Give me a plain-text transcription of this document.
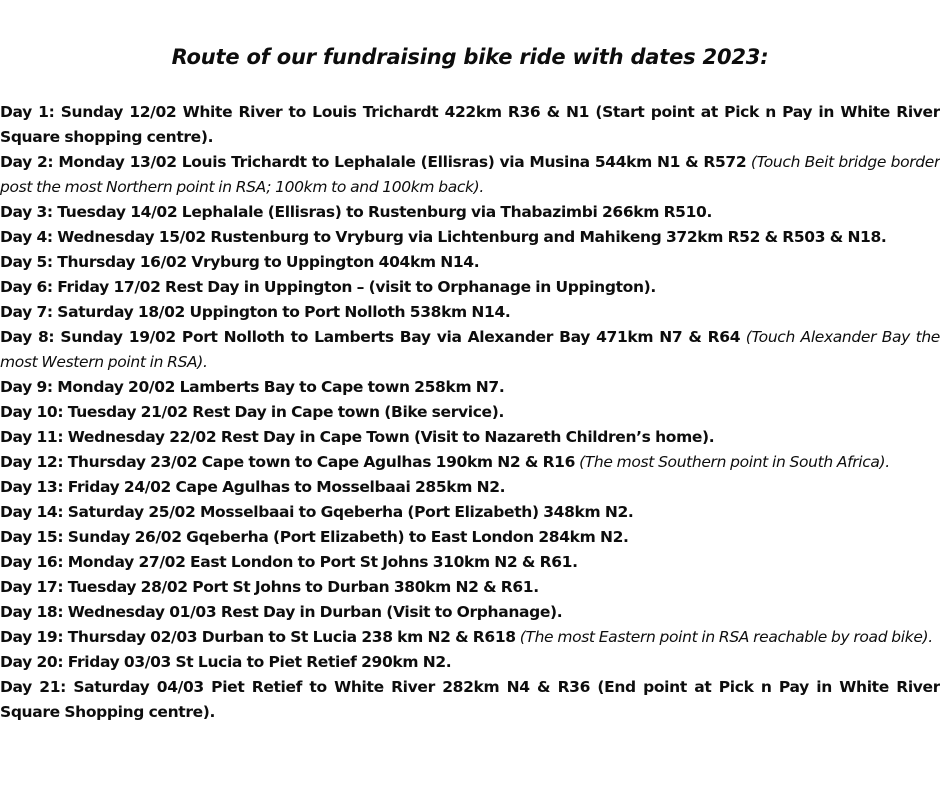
Route of our fundraising bike ride with dates 2023:
Day 1: Sunday 12/02 White River to Louis Trichardt 422km R36 & N1 (Start point at Pick n Pay in White River Square shopping centre).
Day 2: Monday 13/02 Louis Trichardt to Lephalale (Ellisras) via Musina 544km N1 & R572 (Touch Beit bridge border post the most Northern point in RSA; 100km to and 100km back).
Day 3: Tuesday 14/02 Lephalale (Ellisras) to Rustenburg via Thabazimbi 266km R510.
Day 4: Wednesday 15/02 Rustenburg to Vryburg via Lichtenburg and Mahikeng 372km R52 & R503 & N18.
Day 5: Thursday 16/02 Vryburg to Uppington 404km N14.
Day 6: Friday 17/02 Rest Day in Uppington – (visit to Orphanage in Uppington).
Day 7: Saturday 18/02 Uppington to Port Nolloth 538km N14.
Day 8: Sunday 19/02 Port Nolloth to Lamberts Bay via Alexander Bay 471km N7 & R64 (Touch Alexander Bay the most Western point in RSA).
Day 9: Monday 20/02 Lamberts Bay to Cape town 258km N7.
Day 10: Tuesday 21/02 Rest Day in Cape town (Bike service).
Day 11: Wednesday 22/02 Rest Day in Cape Town (Visit to Nazareth Children’s home).
Day 12: Thursday 23/02 Cape town to Cape Agulhas 190km N2 & R16 (The most Southern point in South Africa).
Day 13: Friday 24/02 Cape Agulhas to Mosselbaai 285km N2.
Day 14: Saturday 25/02 Mosselbaai to Gqeberha (Port Elizabeth) 348km N2.
Day 15: Sunday 26/02 Gqeberha (Port Elizabeth) to East London 284km N2.
Day 16: Monday 27/02 East London to Port St Johns 310km N2 & R61.
Day 17: Tuesday 28/02 Port St Johns to Durban 380km N2 & R61.
Day 18: Wednesday 01/03 Rest Day in Durban (Visit to Orphanage).
Day 19: Thursday 02/03 Durban to St Lucia 238 km N2 & R618 (The most Eastern point in RSA reachable by road bike).
Day 20: Friday 03/03 St Lucia to Piet Retief 290km N2.
Day 21: Saturday 04/03 Piet Retief to White River 282km N4 & R36 (End point at Pick n Pay in White River Square Shopping centre).
